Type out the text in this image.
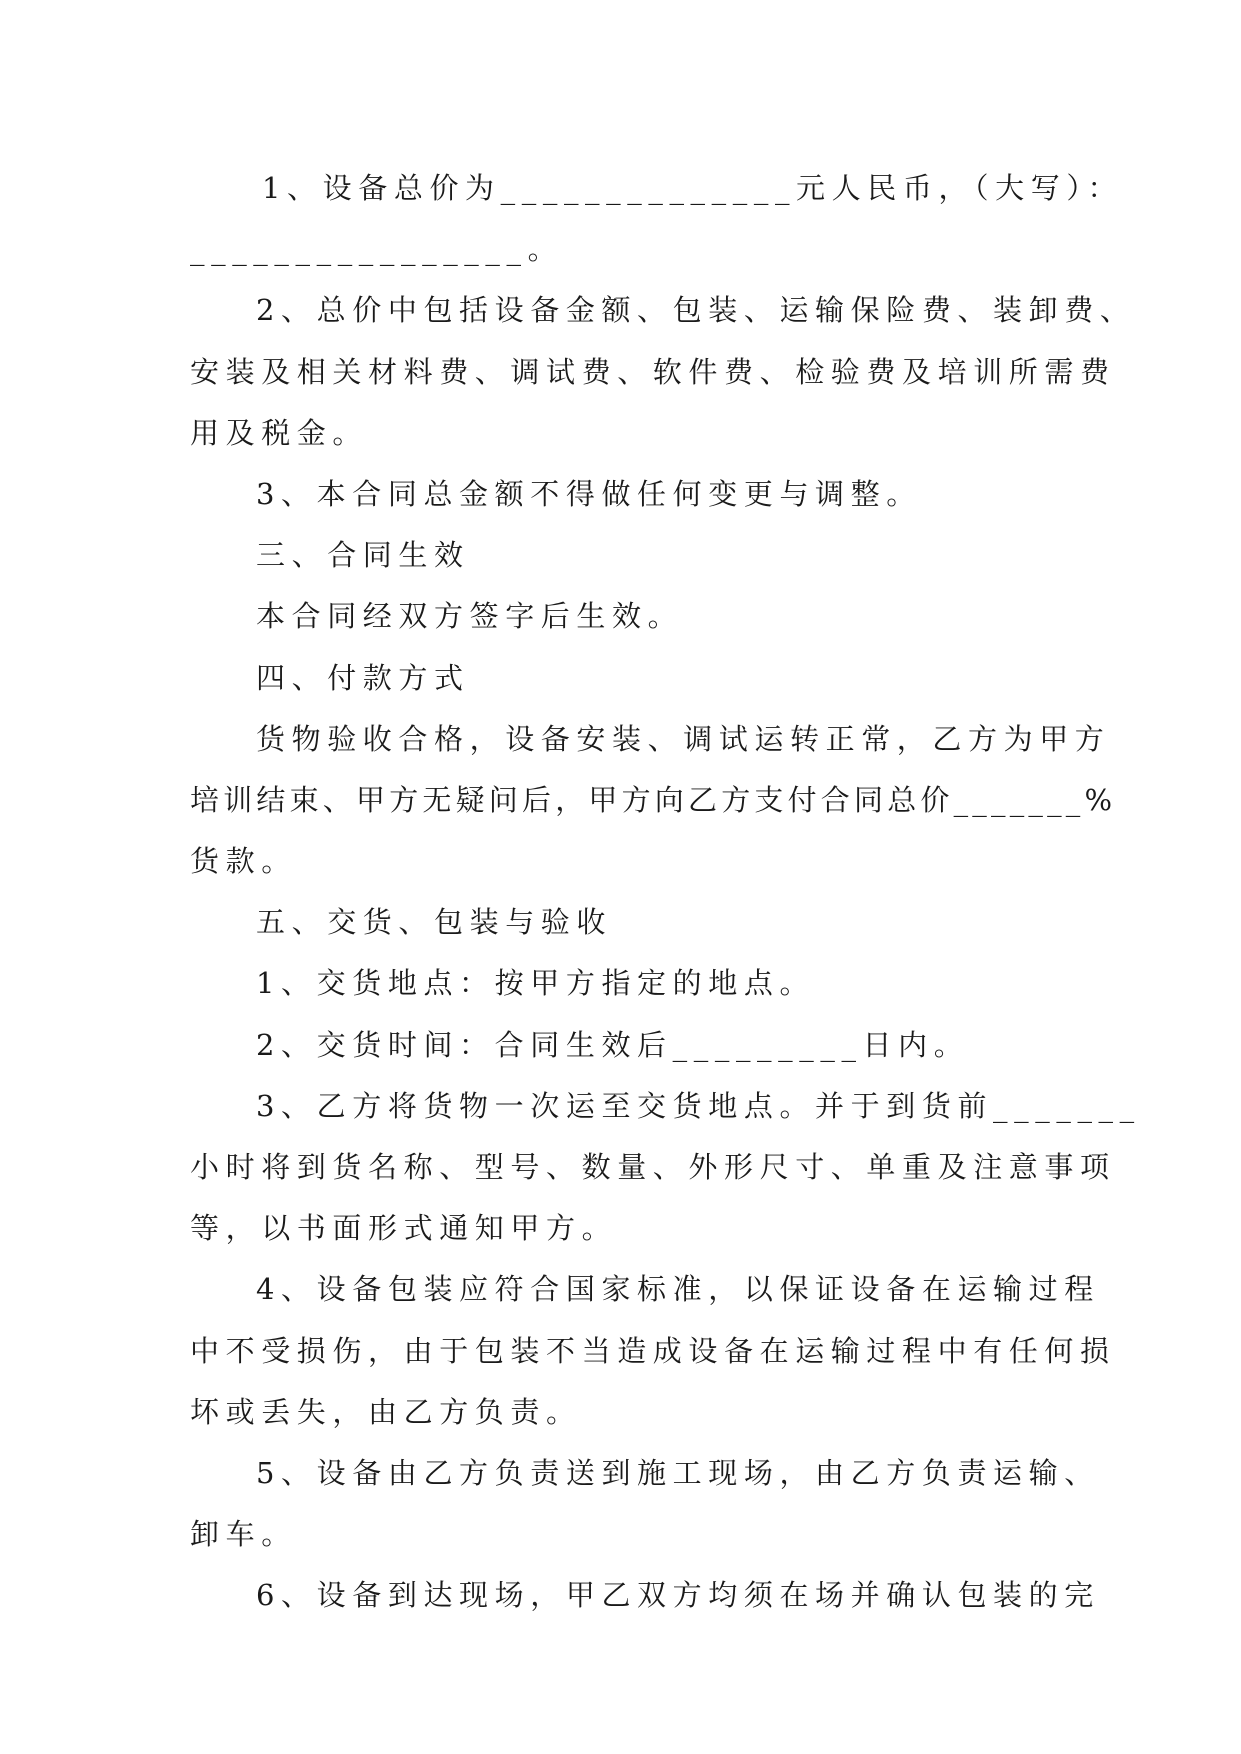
1、设备总价为______________元人民币，（大写）：
________________。
2、总价中包括设备金额、包装、运输保险费、装卸费、
安装及相关材料费、调试费、软件费、检验费及培训所需费
用及税金。
3、本合同总金额不得做任何变更与调整。
三、合同生效
本合同经双方签字后生效。
四、付款方式
货物验收合格，设备安装、调试运转正常，乙方为甲方
培训结束、甲方无疑问后，甲方向乙方支付合同总价_______%
货款。
五、交货、包装与验收
1、交货地点：按甲方指定的地点。
2、交货时间：合同生效后_________日内。
3、乙方将货物一次运至交货地点。并于到货前_______
小时将到货名称、型号、数量、外形尺寸、单重及注意事项
等，以书面形式通知甲方。
4、设备包装应符合国家标准，以保证设备在运输过程
中不受损伤，由于包装不当造成设备在运输过程中有任何损
坏或丢失，由乙方负责。
5、设备由乙方负责送到施工现场，由乙方负责运输、
卸车。
6、设备到达现场，甲乙双方均须在场并确认包装的完
